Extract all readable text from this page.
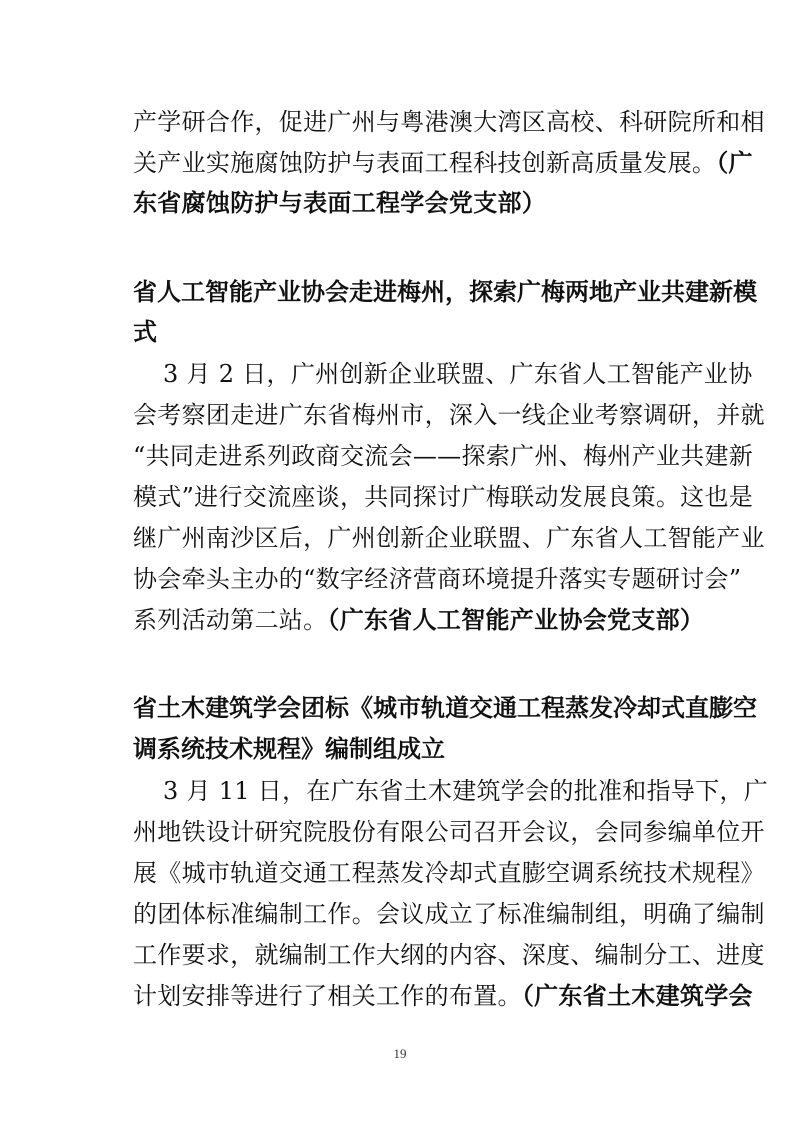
产学研合作，促进广州与粤港澳大湾区高校、科研院所和相
关产业实施腐蚀防护与表面工程科技创新高质量发展。（广
东省腐蚀防护与表面工程学会党支部）
省人工智能产业协会走进梅州，探索广梅两地产业共建新模
式
3 月 2 日，广州创新企业联盟、广东省人工智能产业协
会考察团走进广东省梅州市，深入一线企业考察调研，并就
“共同走进系列政商交流会——探索广州、梅州产业共建新
模式”进行交流座谈，共同探讨广梅联动发展良策。这也是
继广州南沙区后，广州创新企业联盟、广东省人工智能产业
协会牵头主办的“数字经济营商环境提升落实专题研讨会”
系列活动第二站。（广东省人工智能产业协会党支部）
省土木建筑学会团标《城市轨道交通工程蒸发冷却式直膨空
调系统技术规程》编制组成立
3 月 11 日，在广东省土木建筑学会的批准和指导下，广
州地铁设计研究院股份有限公司召开会议，会同参编单位开
展《城市轨道交通工程蒸发冷却式直膨空调系统技术规程》
的团体标准编制工作。会议成立了标准编制组，明确了编制
工作要求，就编制工作大纲的内容、深度、编制分工、进度
计划安排等进行了相关工作的布置。（广东省土木建筑学会
19
